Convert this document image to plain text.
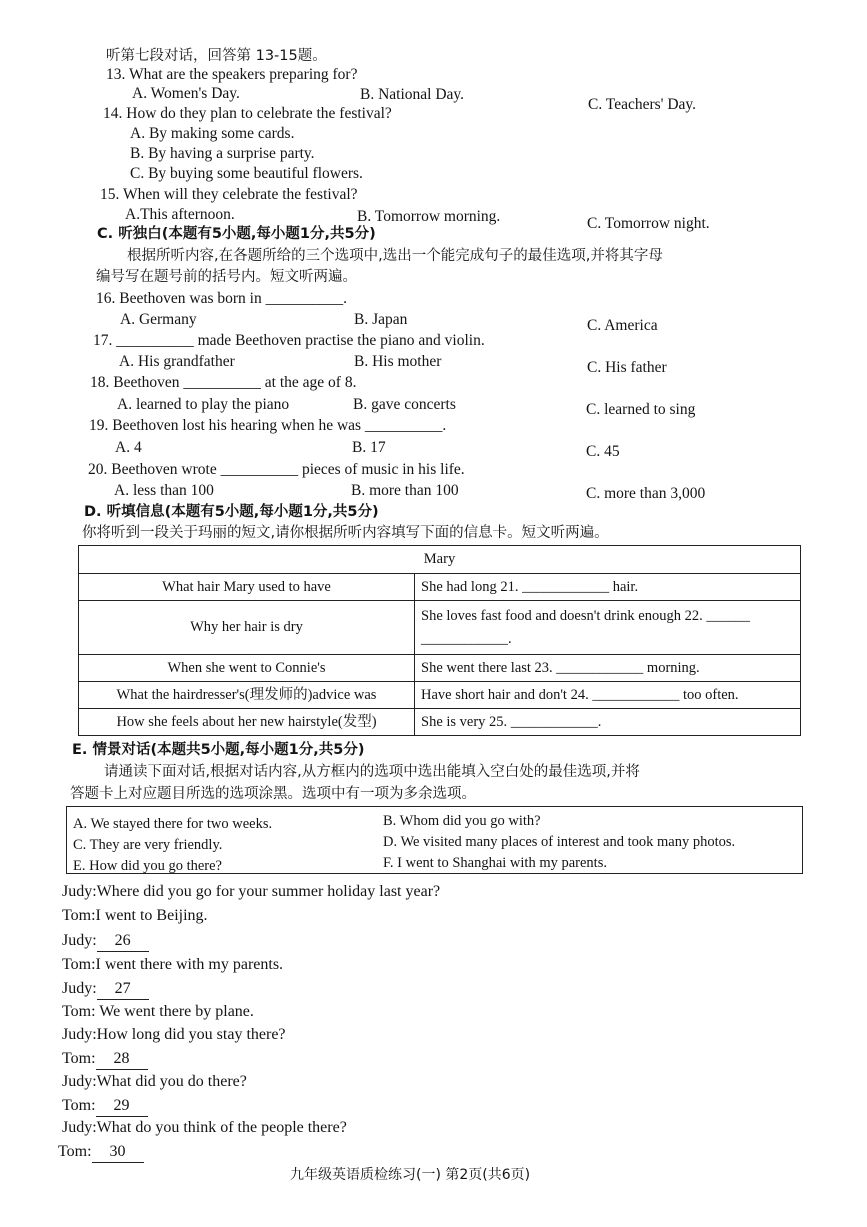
听第七段对话，回答第 13-15题。
13. What are the speakers preparing for?
A. Women's Day.	B. National Day.
C. Teachers' Day.
14. How do they plan to celebrate the festival?
A. By making some cards.
B. By having a surprise party.
C. By buying some beautiful flowers.
15. When will they celebrate the festival?
A.This afternoon.	B. Tomorrow morning.	C. Tomorrow night.
C. 听独白(本题有5小题,每小题1分,共5分)
根据所听内容,在各题所给的三个选项中,选出一个能完成句子的最佳选项,并将其字母
编号写在题号前的括号内。短文听两遍。
16. Beethoven was born in __________.
A. Germany	B. Japan	C. America
17. __________ made Beethoven practise the piano and violin.
A. His grandfather	B. His mother	C. His father
18. Beethoven __________ at the age of 8.
A. learned to play the piano	B. gave concerts	C. learned to sing
19. Beethoven lost his hearing when he was __________.
A. 4	B. 17	C. 45
20. Beethoven wrote __________ pieces of music in his life.
A. less than 100	B. more than 100	C. more than 3,000
D. 听填信息(本题有5小题,每小题1分,共5分)
你将听到一段关于玛丽的短文,请你根据所听内容填写下面的信息卡。短文听两遍。
Mary	
What hair Mary used to have	She had long 21. ____________ hair.
Why her hair is dry	She loves fast food and doesn't drink enough 22. ______
____________.

When she went to Connie's	She went there last 23. ____________ morning.
What the hairdresser's(理发师的)advice was	Have short hair and don't 24. ____________ too often.
How she feels about her new hairstyle(发型)	She is very 25. ____________.
E. 情景对话(本题共5小题,每小题1分,共5分)
请通读下面对话,根据对话内容,从方框内的选项中选出能填入空白处的最佳选项,并将
答题卡上对应题目所选的选项涂黑。选项中有一项为多余选项。
A. We stayed there for two weeks.	B. Whom did you go with?
C. They are very friendly.	D. We visited many places of interest and took many photos.
E. How did you go there?	F. I went to Shanghai with my parents.
Judy:Where did you go for your summer holiday last year?
Tom:I went to Beijing.
Judy: 26
Tom:I went there with my parents.
Judy: 27
Tom: We went there by plane.
Judy:How long did you stay there?
Tom: 28
Judy:What did you do there?
Tom: 29
Judy:What do you think of the people there?
Tom: 30
九年级英语质检练习(一) 第2页(共6页)
